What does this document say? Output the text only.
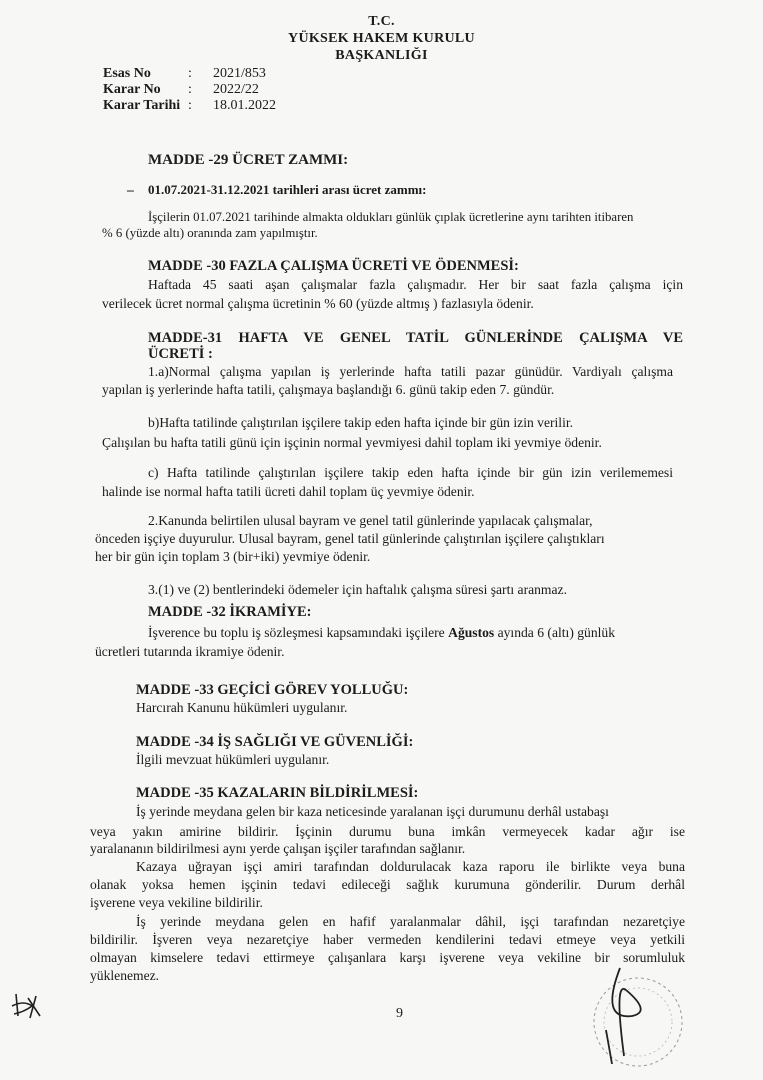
T.C.
YÜKSEK HAKEM KURULU
BAŞKANLIĞI
Esas No	:	2021/853
Karar No	:	2022/22
Karar Tarihi :	18.01.2022
MADDE -29 ÜCRET ZAMMI:
– 01.07.2021-31.12.2021 tarihleri arası ücret zammı:
İşçilerin 01.07.2021 tarihinde almakta oldukları günlük çıplak ücretlerine aynı tarihten itibaren
% 6 (yüzde altı) oranında zam yapılmıştır.
MADDE -30 FAZLA ÇALIŞMA ÜCRETİ VE ÖDENMESİ:
Haftada 45 saati aşan çalışmalar fazla çalışmadır. Her bir saat fazla çalışma için
verilecek ücret normal çalışma ücretinin % 60 (yüzde altmış ) fazlasıyla ödenir.
MADDE-31 HAFTA VE GENEL TATİL GÜNLERİNDE ÇALIŞMA VE
ÜCRETİ :
1.a)Normal çalışma yapılan iş yerlerinde hafta tatili pazar günüdür. Vardiyalı çalışma
yapılan iş yerlerinde hafta tatili, çalışmaya başlandığı 6. günü takip eden 7. gündür.
b)Hafta tatilinde çalıştırılan işçilere takip eden hafta içinde bir gün izin verilir.
Çalışılan bu hafta tatili günü için işçinin normal yevmiyesi dahil toplam iki yevmiye ödenir.
c) Hafta tatilinde çalıştırılan işçilere takip eden hafta içinde bir gün izin verilememesi
halinde ise normal hafta tatili ücreti dahil toplam üç yevmiye ödenir.
2.Kanunda belirtilen ulusal bayram ve genel tatil günlerinde yapılacak çalışmalar,
önceden işçiye duyurulur. Ulusal bayram, genel tatil günlerinde çalıştırılan işçilere çalıştıkları
her bir gün için toplam 3 (bir+iki) yevmiye ödenir.
3.(1) ve (2) bentlerindeki ödemeler için haftalık çalışma süresi şartı aranmaz.
MADDE -32 İKRAMİYE:
İşverence bu toplu iş sözleşmesi kapsamındaki işçilere Ağustos ayında 6 (altı) günlük
ücretleri tutarında ikramiye ödenir.
MADDE -33 GEÇİCİ GÖREV YOLLUĞU:
Harcırah Kanunu hükümleri uygulanır.
MADDE -34 İŞ SAĞLIĞI VE GÜVENLİĞİ:
İlgili mevzuat hükümleri uygulanır.
MADDE -35 KAZALARIN BİLDİRİLMESİ:
İş yerinde meydana gelen bir kaza neticesinde yaralanan işçi durumunu derhâl ustabaşı
veya yakın amirine bildirir. İşçinin durumu buna imkân vermeyecek kadar ağır ise
yaralananın bildirilmesi aynı yerde çalışan işçiler tarafından sağlanır.
Kazaya uğrayan işçi amiri tarafından doldurulacak kaza raporu ile birlikte veya buna
olanak yoksa hemen işçinin tedavi edileceği sağlık kurumuna gönderilir. Durum derhâl
işverene veya vekiline bildirilir.
İş yerinde meydana gelen en hafif yaralanmalar dâhil, işçi tarafından nezaretçiye
bildirilir. İşveren veya nezaretçiye haber vermeden kendilerini tedavi etmeye veya yetkili
olmayan kimselere tedavi ettirmeye çalışanlara karşı işverene veya vekiline bir sorumluluk
yüklenemez.
9
